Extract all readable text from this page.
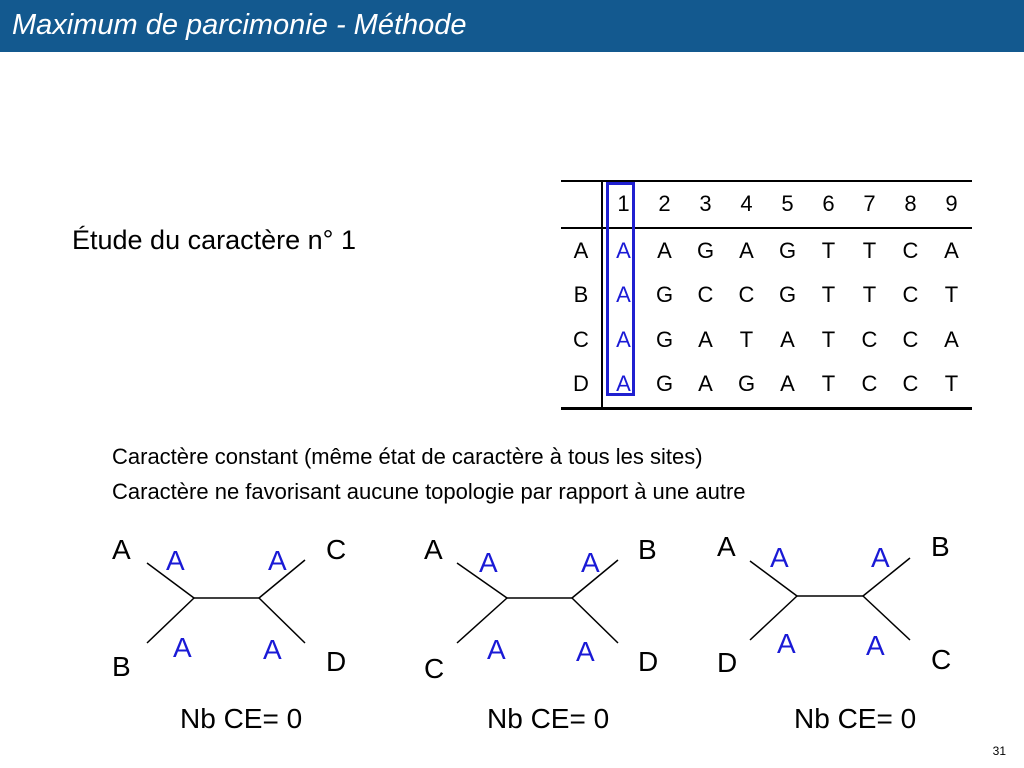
Maximum de parcimonie - Méthode
Étude du caractère n° 1
	1	2	3	4	5	6	7	8	9
A	A	A	G	A	G	T	T	C	A
B	A	G	C	C	G	T	T	C	T
C	A	G	A	T	A	T	C	C	A
D	A	G	A	G	A	T	C	C	T
Caractère constant (même état de caractère à tous les sites)
Caractère ne favorisant aucune topologie par rapport à une autre
A	C
B	D
A	A
A	A
Nb CE= 0
A	B
C	D
A	A
A	A
Nb CE= 0
A	B
D	C
A	A
A	A
Nb CE= 0
31
